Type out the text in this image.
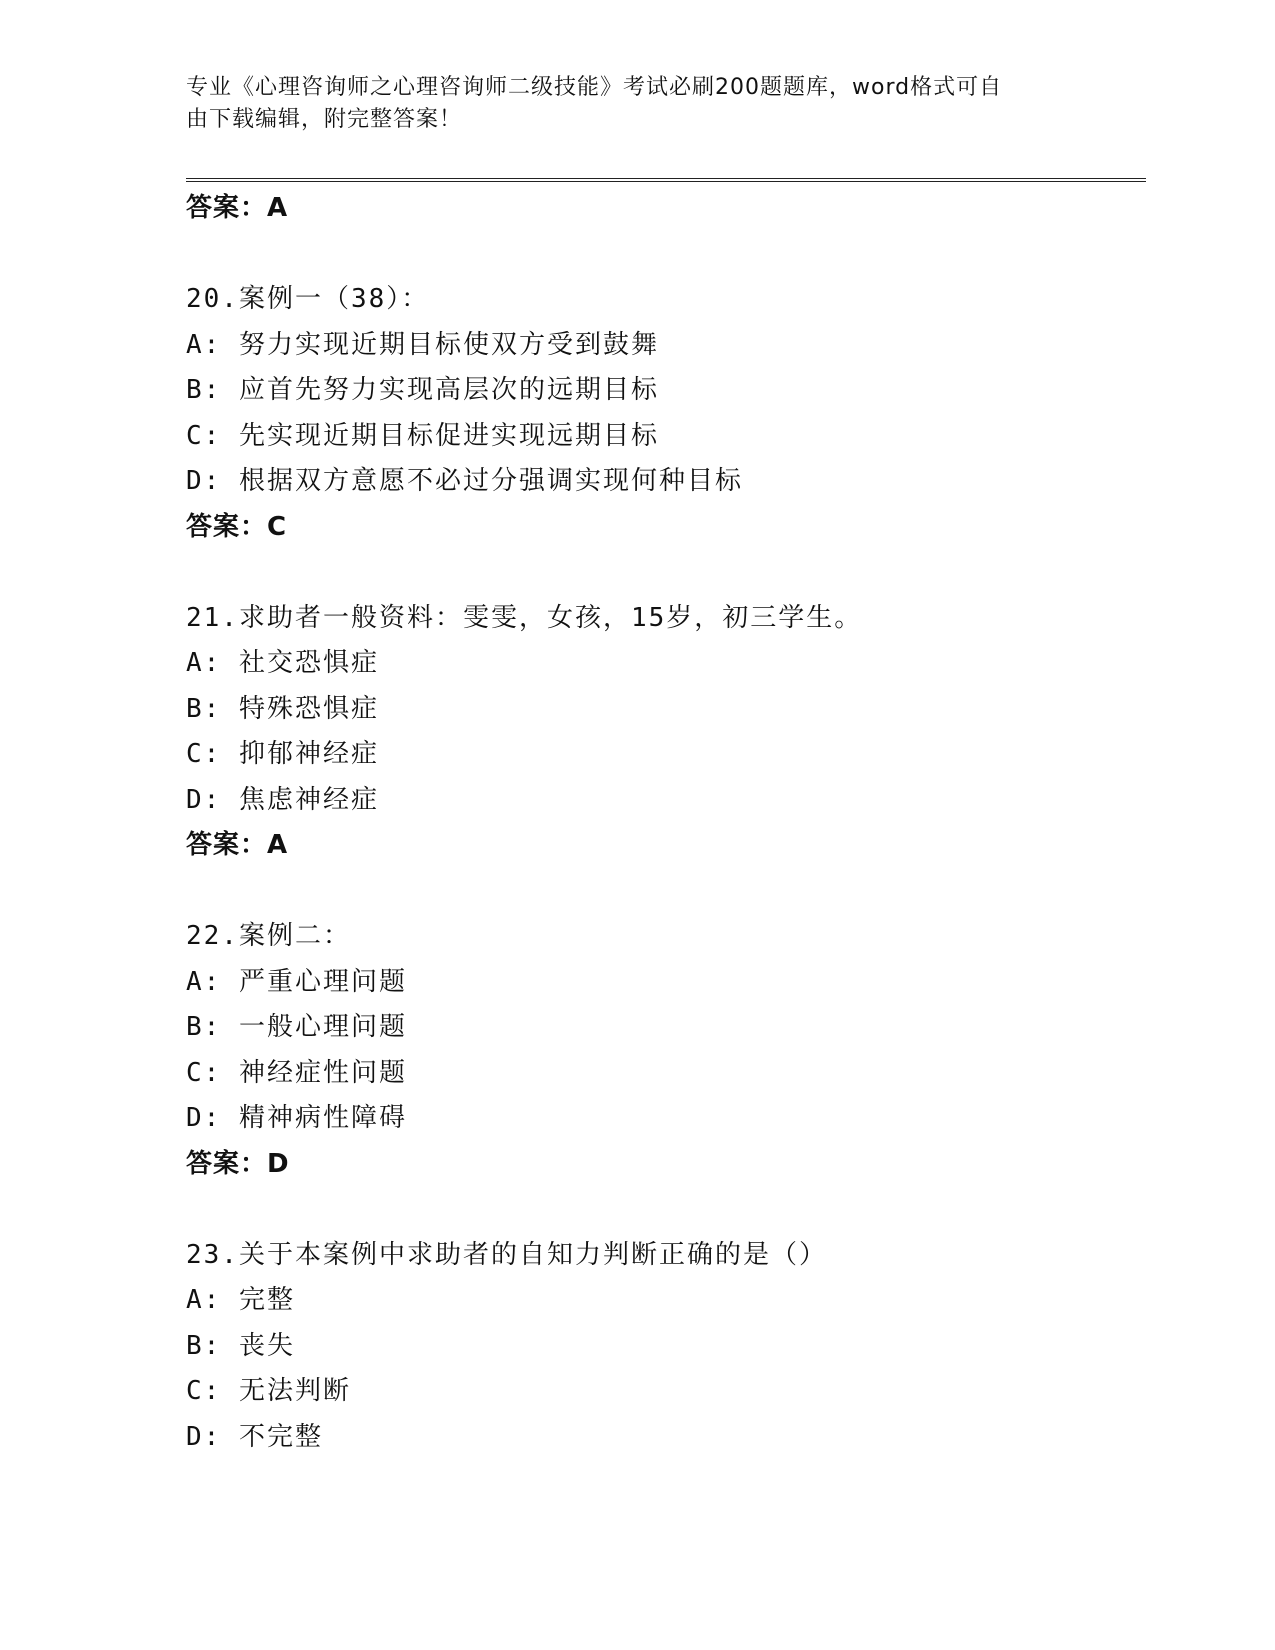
专业《心理咨询师之心理咨询师二级技能》考试必刷200题题库，word格式可自
由下载编辑，附完整答案！
答案：A
20.案例一（38）：
A: 努力实现近期目标使双方受到鼓舞
B: 应首先努力实现高层次的远期目标
C: 先实现近期目标促进实现远期目标
D: 根据双方意愿不必过分强调实现何种目标
答案：C
21.求助者一般资料：雯雯，女孩，15岁，初三学生。
A: 社交恐惧症
B: 特殊恐惧症
C: 抑郁神经症
D: 焦虑神经症
答案：A
22.案例二：
A: 严重心理问题
B: 一般心理问题
C: 神经症性问题
D: 精神病性障碍
答案：D
23.关于本案例中求助者的自知力判断正确的是（）
A: 完整
B: 丧失
C: 无法判断
D: 不完整
